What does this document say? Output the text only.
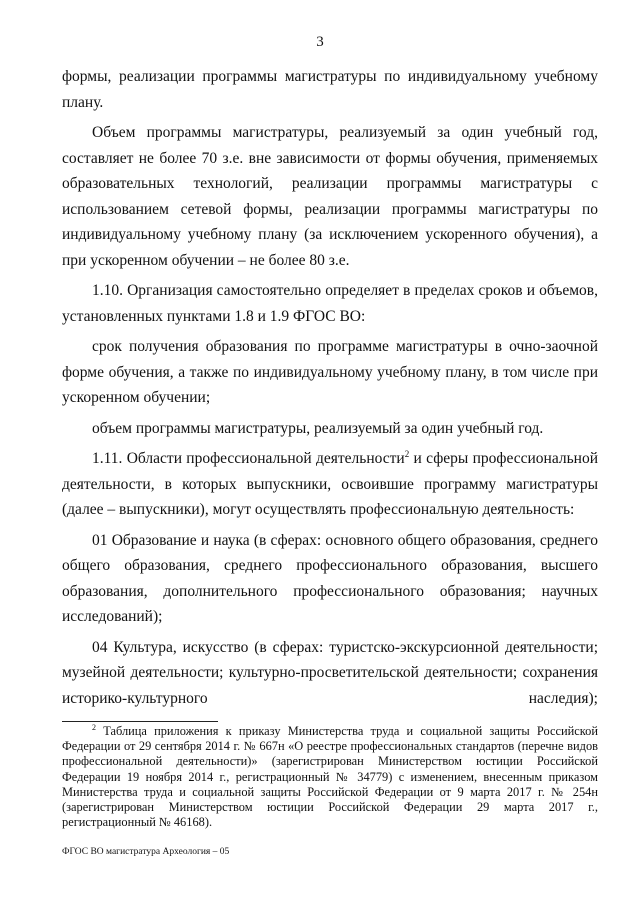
3

формы, реализации программы магистратуры по индивидуальному учебному плану.

Объем программы магистратуры, реализуемый за один учебный год, составляет не более 70 з.е. вне зависимости от формы обучения, применяемых образовательных технологий, реализации программы магистратуры с использованием сетевой формы, реализации программы магистратуры по индивидуальному учебному плану (за исключением ускоренного обучения), а при ускоренном обучении – не более 80 з.е.

1.10. Организация самостоятельно определяет в пределах сроков и объемов, установленных пунктами 1.8 и 1.9 ФГОС ВО:

срок получения образования по программе магистратуры в очно-заочной форме обучения, а также по индивидуальному учебному плану, в том числе при ускоренном обучении;

объем программы магистратуры, реализуемый за один учебный год.

1.11. Области профессиональной деятельности$^2$ и сферы профессиональной деятельности, в которых выпускники, освоившие программу магистратуры (далее – выпускники), могут осуществлять профессиональную деятельность:

01 Образование и наука (в сферах: основного общего образования, среднего общего образования, среднего профессионального образования, высшего образования, дополнительного профессионального образования; научных исследований);

04 Культура, искусство (в сферах: туристско-экскурсионной деятельности; музейной деятельности; культурно-просветительской деятельности; сохранения историко-культурного наследия);

$^2$ Таблица приложения к приказу Министерства труда и социальной защиты Российской Федерации от 29 сентября 2014 г. № 667н «О реестре профессиональных стандартов (перечне видов профессиональной деятельности)» (зарегистрирован Министерством юстиции Российской Федерации 19 ноября 2014 г., регистрационный № 34779) с изменением, внесенным приказом Министерства труда и социальной защиты Российской Федерации от 9 марта 2017 г. № 254н (зарегистрирован Министерством юстиции Российской Федерации 29 марта 2017 г., регистрационный № 46168).
ФГОС ВО магистратура Археология – 05
